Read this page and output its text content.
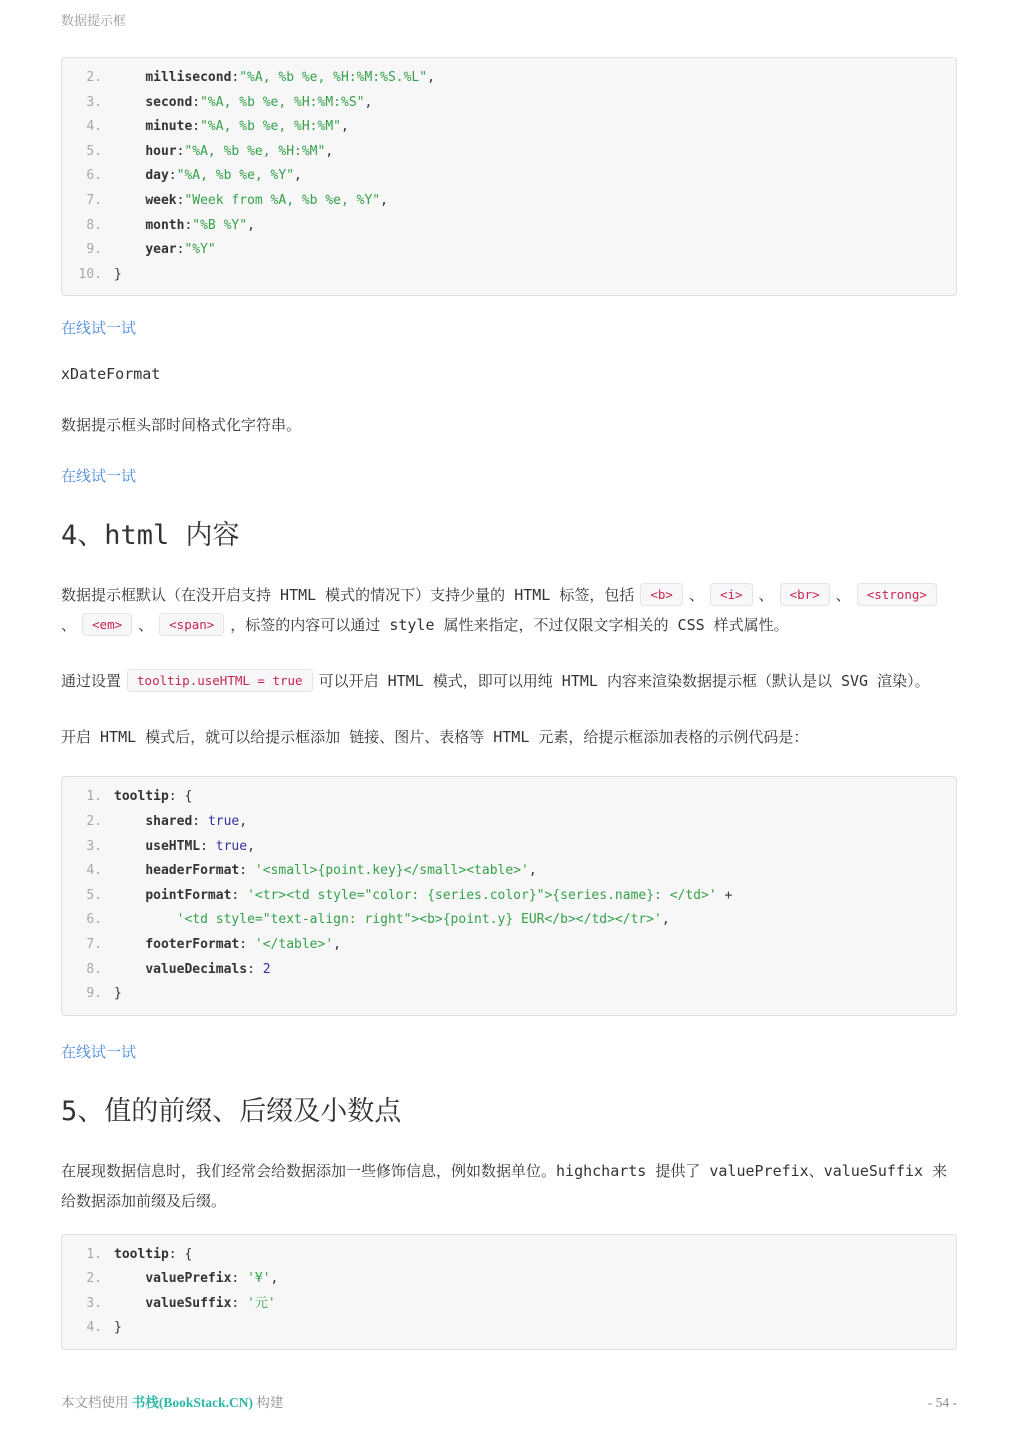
数据提示框
2.	millisecond:"%A, %b %e, %H:%M:%S.%L",
3.	second:"%A, %b %e, %H:%M:%S",
4.	minute:"%A, %b %e, %H:%M",
5.	hour:"%A, %b %e, %H:%M",
6.	day:"%A, %b %e, %Y",
7.	week:"Week from %A, %b %e, %Y",
8.	month:"%B %Y",
9.	year:"%Y"
10. }
在线试一试
xDateFormat

数据提示框头部时间格式化字符串。

在线试一试
4、html 内容

数据提示框默认（在没开启支持 HTML 模式的情况下）支持少量的 HTML 标签，包括 <b> 、 <i> 、 <br> 、 <strong>、 <em> 、 <span> ，标签的内容可以通过 style 属性来指定，不过仅限文字相关的 CSS 样式属性。

通过设置 tooltip.useHTML = true 可以开启 HTML 模式，即可以用纯 HTML 内容来渲染数据提示框（默认是以 SVG 渲染）。

开启 HTML 模式后，就可以给提示框添加 链接、图片、表格等 HTML 元素，给提示框添加表格的示例代码是：

1. tooltip: {
2.	shared: true,
3.	useHTML: true,
4.	headerFormat: '<small>{point.key}</small><table>',
5.	pointFormat: '<tr><td style="color: {series.color}">{series.name}: </td>' +
6.	'<td style="text-align: right"><b>{point.y} EUR</b></td></tr>',
7.	footerFormat: '</table>',
8.	valueDecimals: 2
9. }
在线试一试
5、值的前缀、后缀及小数点

在展现数据信息时，我们经常会给数据添加一些修饰信息，例如数据单位。highcharts 提供了 valuePrefix、valueSuffix 来给数据添加前缀及后缀。

1. tooltip: {
2.	valuePrefix: '¥',
3.	valueSuffix: '元'
4. }
本文档使用 书栈(BookStack.CN) 构建	- 54 -
